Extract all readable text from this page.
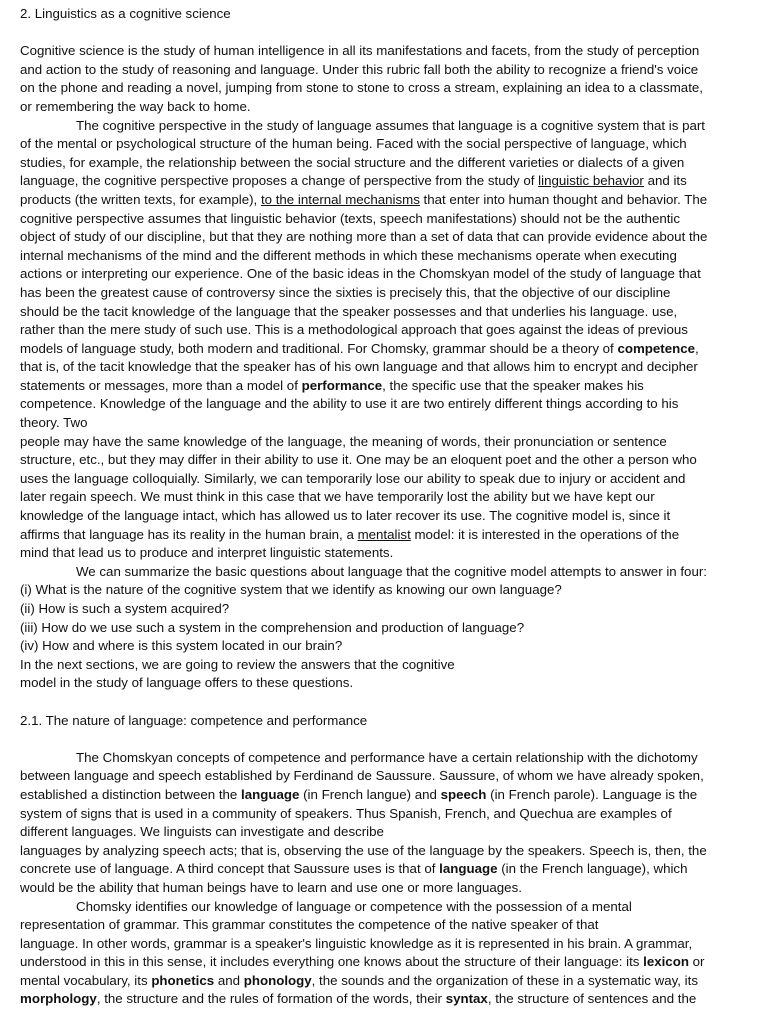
2. Linguistics as a cognitive science
Cognitive science is the study of human intelligence in all its manifestations and facets, from the study of perception
and action to the study of reasoning and language. Under this rubric fall both the ability to recognize a friend's voice
on the phone and reading a novel, jumping from stone to stone to cross a stream, explaining an idea to a classmate,
or remembering the way back to home.
The cognitive perspective in the study of language assumes that language is a cognitive system that is part
of the mental or psychological structure of the human being. Faced with the social perspective of language, which
studies, for example, the relationship between the social structure and the different varieties or dialects of a given
language, the cognitive perspective proposes a change of perspective from the study of linguistic behavior and its
products (the written texts, for example), to the internal mechanisms that enter into human thought and behavior. The
cognitive perspective assumes that linguistic behavior (texts, speech manifestations) should not be the authentic
object of study of our discipline, but that they are nothing more than a set of data that can provide evidence about the
internal mechanisms of the mind and the different methods in which these mechanisms operate when executing
actions or interpreting our experience. One of the basic ideas in the Chomskyan model of the study of language that
has been the greatest cause of controversy since the sixties is precisely this, that the objective of our discipline
should be the tacit knowledge of the language that the speaker possesses and that underlies his language. use,
rather than the mere study of such use. This is a methodological approach that goes against the ideas of previous
models of language study, both modern and traditional. For Chomsky, grammar should be a theory of competence,
that is, of the tacit knowledge that the speaker has of his own language and that allows him to encrypt and decipher
statements or messages, more than a model of performance, the specific use that the speaker makes his
competence. Knowledge of the language and the ability to use it are two entirely different things according to his
theory. Two
people may have the same knowledge of the language, the meaning of words, their pronunciation or sentence
structure, etc., but they may differ in their ability to use it. One may be an eloquent poet and the other a person who
uses the language colloquially. Similarly, we can temporarily lose our ability to speak due to injury or accident and
later regain speech. We must think in this case that we have temporarily lost the ability but we have kept our
knowledge of the language intact, which has allowed us to later recover its use. The cognitive model is, since it
affirms that language has its reality in the human brain, a mentalist model: it is interested in the operations of the
mind that lead us to produce and interpret linguistic statements.
We can summarize the basic questions about language that the cognitive model attempts to answer in four:
(i) What is the nature of the cognitive system that we identify as knowing our own language?
(ii) How is such a system acquired?
(iii) How do we use such a system in the comprehension and production of language?
(iv) How and where is this system located in our brain?
In the next sections, we are going to review the answers that the cognitive
model in the study of language offers to these questions.
2.1. The nature of language: competence and performance
The Chomskyan concepts of competence and performance have a certain relationship with the dichotomy
between language and speech established by Ferdinand de Saussure. Saussure, of whom we have already spoken,
established a distinction between the language (in French langue) and speech (in French parole). Language is the
system of signs that is used in a community of speakers. Thus Spanish, French, and Quechua are examples of
different languages. We linguists can investigate and describe
languages by analyzing speech acts; that is, observing the use of the language by the speakers. Speech is, then, the
concrete use of language. A third concept that Saussure uses is that of language (in the French language), which
would be the ability that human beings have to learn and use one or more languages.
Chomsky identifies our knowledge of language or competence with the possession of a mental
representation of grammar. This grammar constitutes the competence of the native speaker of that
language. In other words, grammar is a speaker's linguistic knowledge as it is represented in his brain. A grammar,
understood in this in this sense, it includes everything one knows about the structure of their language: its lexicon or
mental vocabulary, its phonetics and phonology, the sounds and the organization of these in a systematic way, its
morphology, the structure and the rules of formation of the words, their syntax, the structure of sentences and the
